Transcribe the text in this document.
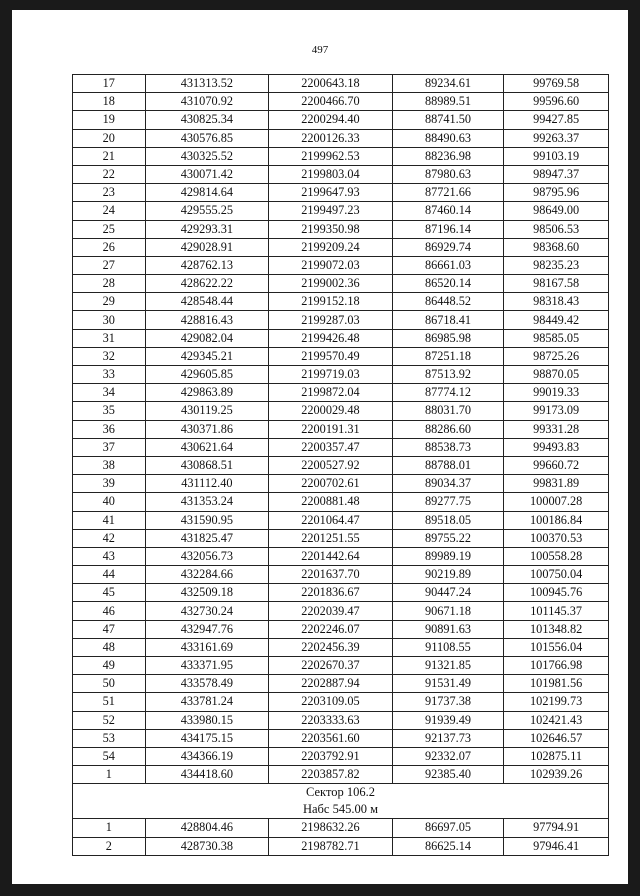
497
17	431313.52	2200643.18	89234.61	99769.58
18	431070.92	2200466.70	88989.51	99596.60
19	430825.34	2200294.40	88741.50	99427.85
20	430576.85	2200126.33	88490.63	99263.37
21	430325.52	2199962.53	88236.98	99103.19
22	430071.42	2199803.04	87980.63	98947.37
23	429814.64	2199647.93	87721.66	98795.96
24	429555.25	2199497.23	87460.14	98649.00
25	429293.31	2199350.98	87196.14	98506.53
26	429028.91	2199209.24	86929.74	98368.60
27	428762.13	2199072.03	86661.03	98235.23
28	428622.22	2199002.36	86520.14	98167.58
29	428548.44	2199152.18	86448.52	98318.43
30	428816.43	2199287.03	86718.41	98449.42
31	429082.04	2199426.48	86985.98	98585.05
32	429345.21	2199570.49	87251.18	98725.26
33	429605.85	2199719.03	87513.92	98870.05
34	429863.89	2199872.04	87774.12	99019.33
35	430119.25	2200029.48	88031.70	99173.09
36	430371.86	2200191.31	88286.60	99331.28
37	430621.64	2200357.47	88538.73	99493.83
38	430868.51	2200527.92	88788.01	99660.72
39	431112.40	2200702.61	89034.37	99831.89
40	431353.24	2200881.48	89277.75	100007.28
41	431590.95	2201064.47	89518.05	100186.84
42	431825.47	2201251.55	89755.22	100370.53
43	432056.73	2201442.64	89989.19	100558.28
44	432284.66	2201637.70	90219.89	100750.04
45	432509.18	2201836.67	90447.24	100945.76
46	432730.24	2202039.47	90671.18	101145.37
47	432947.76	2202246.07	90891.63	101348.82
48	433161.69	2202456.39	91108.55	101556.04
49	433371.95	2202670.37	91321.85	101766.98
50	433578.49	2202887.94	91531.49	101981.56
51	433781.24	2203109.05	91737.38	102199.73
52	433980.15	2203333.63	91939.49	102421.43
53	434175.15	2203561.60	92137.73	102646.57
54	434366.19	2203792.91	92332.07	102875.11
1	434418.60	2203857.82	92385.40	102939.26

Сектор 106.2
Набс 545.00 м				

1	428804.46	2198632.26	86697.05	97794.91
2	428730.38	2198782.71	86625.14	97946.41
